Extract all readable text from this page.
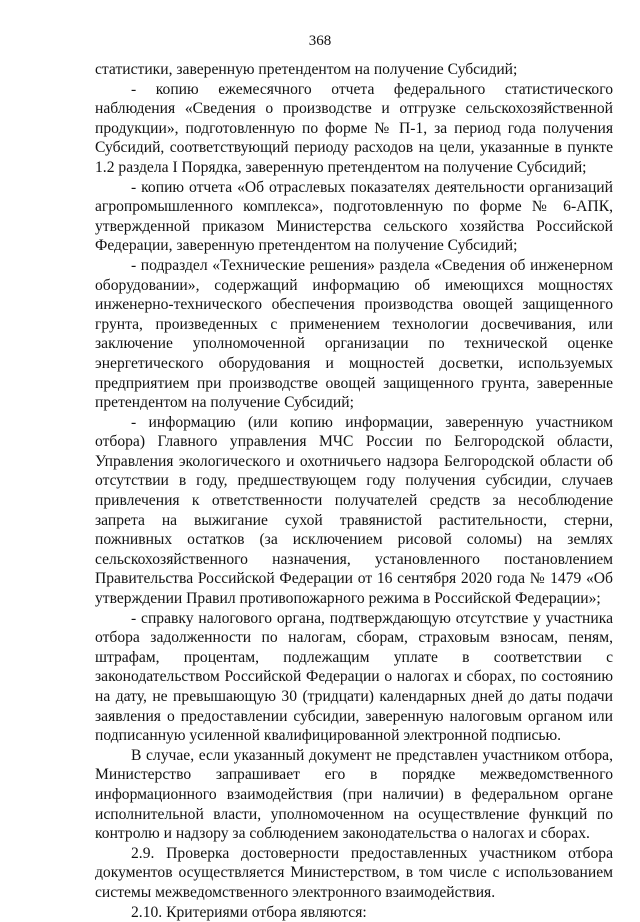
368

статистики, заверенную претендентом на получение Субсидий;

- копию ежемесячного отчета федерального статистического наблюдения «Сведения о производстве и отгрузке сельскохозяйственной продукции», подготовленную по форме № П-1, за период года получения Субсидий, соответствующий периоду расходов на цели, указанные в пункте 1.2 раздела I Порядка, заверенную претендентом на получение Субсидий;

- копию отчета «Об отраслевых показателях деятельности организаций агропромышленного комплекса», подготовленную по форме № 6-АПК, утвержденной приказом Министерства сельского хозяйства Российской Федерации, заверенную претендентом на получение Субсидий;

- подраздел «Технические решения» раздела «Сведения об инженерном оборудовании», содержащий информацию об имеющихся мощностях инженерно-технического обеспечения производства овощей защищенного грунта, произведенных с применением технологии досвечивания, или заключение уполномоченной организации по технической оценке энергетического оборудования и мощностей досветки, используемых предприятием при производстве овощей защищенного грунта, заверенные претендентом на получение Субсидий;

- информацию (или копию информации, заверенную участником отбора) Главного управления МЧС России по Белгородской области, Управления экологического и охотничьего надзора Белгородской области об отсутствии в году, предшествующем году получения субсидии, случаев привлечения к ответственности получателей средств за несоблюдение запрета на выжигание сухой травянистой растительности, стерни, пожнивных остатков (за исключением рисовой соломы) на землях сельскохозяйственного назначения, установленного постановлением Правительства Российской Федерации от 16 сентября 2020 года № 1479 «Об утверждении Правил противопожарного режима в Российской Федерации»;

- справку налогового органа, подтверждающую отсутствие у участника отбора задолженности по налогам, сборам, страховым взносам, пеням, штрафам, процентам, подлежащим уплате в соответствии с законодательством Российской Федерации о налогах и сборах, по состоянию на дату, не превышающую 30 (тридцати) календарных дней до даты подачи заявления о предоставлении субсидии, заверенную налоговым органом или подписанную усиленной квалифицированной электронной подписью.

В случае, если указанный документ не представлен участником отбора, Министерство запрашивает его в порядке межведомственного информационного взаимодействия (при наличии) в федеральном органе исполнительной власти, уполномоченном на осуществление функций по контролю и надзору за соблюдением законодательства о налогах и сборах.

2.9. Проверка достоверности предоставленных участником отбора документов осуществляется Министерством, в том числе с использованием системы межведомственного электронного взаимодействия.

2.10. Критериями отбора являются:
